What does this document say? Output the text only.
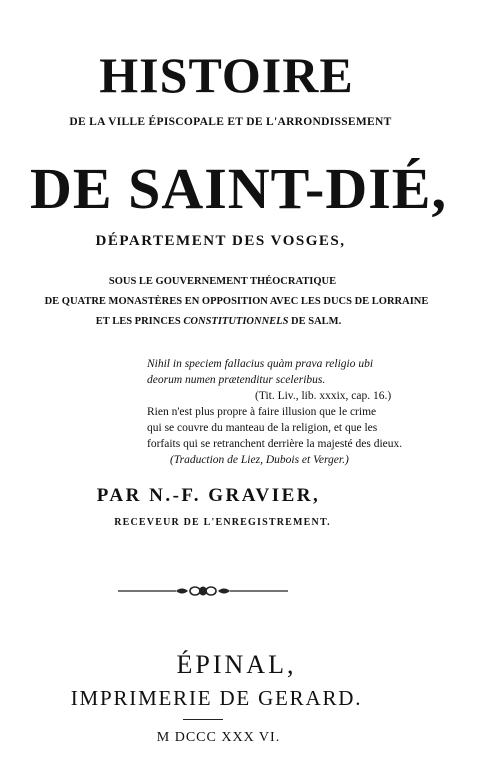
HISTOIRE
DE LA VILLE ÉPISCOPALE ET DE L'ARRONDISSEMENT
DE SAINT-DIÉ,
DÉPARTEMENT DES VOSGES,
SOUS LE GOUVERNEMENT THÉOCRATIQUE
DE QUATRE MONASTÈRES EN OPPOSITION AVEC LES DUCS DE LORRAINE
ET LES PRINCES CONSTITUTIONNELS DE SALM.
Nihil in speciem fallacius quàm prava religio ubi
deorum numen prætenditur sceleribus.
(Tit. Liv., lib. xxxix, cap. 16.)
Rien n'est plus propre à faire illusion que le crime
qui se couvre du manteau de la religion, et que les
forfaits qui se retranchent derrière la majesté des dieux.
(Traduction de Liez, Dubois et Verger.)
PAR N.-F. GRAVIER,
RECEVEUR DE L'ENREGISTREMENT.
ÉPINAL,
IMPRIMERIE DE GERARD.
M DCCC XXX VI.
